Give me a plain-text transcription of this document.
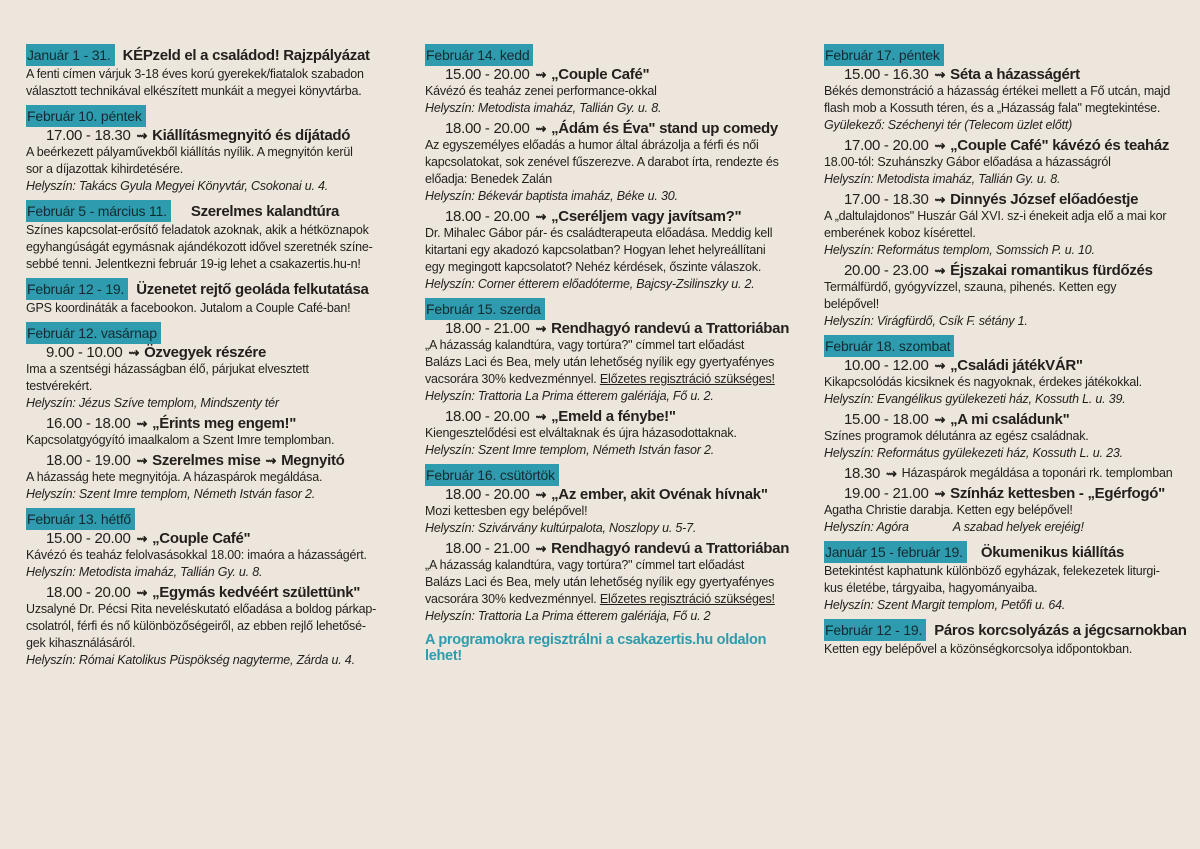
Január 1 - 31. KÉPzeld el a családod! Rajzpályázat
A fenti címen várjuk 3-18 éves korú gyerekek/fiatalok szabadon
választott technikával elkészített munkáit a megyei könyvtárba.
Február 10. péntek
17.00 - 18.30 ⇝ Kiállításmegnyitó és díjátadó
A beérkezett pályaművekből kiállítás nyílik. A megnyitón kerül
sor a díjazottak kihirdetésére.
Helyszín: Takács Gyula Megyei Könyvtár, Csokonai u. 4.
Február 5 - március 11. Szerelmes kalandtúra
Színes kapcsolat-erősítő feladatok azoknak, akik a hétköznapok
egyhangúságát egymásnak ajándékozott idővel szeretnék színe-
sebbé tenni. Jelentkezni február 19-ig lehet a csakazertis.hu-n!
Február 12 - 19. Üzenetet rejtő geoláda felkutatása
GPS koordináták a facebookon. Jutalom a Couple Café-ban!
Február 12. vasárnap
9.00 - 10.00 ⇝ Özvegyek részére
Ima a szentségi házasságban élő, párjukat elvesztett testvérekért.
Helyszín: Jézus Szíve templom, Mindszenty tér
16.00 - 18.00 ⇝ „Érints meg engem!"
Kapcsolatgyógyító imaalkalom a Szent Imre templomban.
18.00 - 19.00 ⇝ Szerelmes mise ⇝ Megnyitó
A házasság hete megnyitója. A házaspárok megáldása.
Helyszín: Szent Imre templom, Németh István fasor 2.
Február 13. hétfő
15.00 - 20.00 ⇝ „Couple Café"
Kávézó és teaház felolvasásokkal 18.00: imaóra a házasságért.
Helyszín: Metodista imaház, Tallián Gy. u. 8.
18.00 - 20.00 ⇝ „Egymás kedvéért születtünk"
Uzsalyné Dr. Pécsi Rita neveléskutató előadása a boldog párkap-
csolatról, férfi és nő különbözőségeiről, az ebben rejlő lehetősé-
gek kihasználásáról.
Helyszín: Római Katolikus Püspökség nagyterme, Zárda u. 4.
Február 14. kedd
15.00 - 20.00 ⇝ „Couple Café"
Kávézó és teaház zenei performance-okkal
Helyszín: Metodista imaház, Tallián Gy. u. 8.
18.00 - 20.00 ⇝ „Ádám és Éva" stand up comedy
Az egyszemélyes előadás a humor által ábrázolja a férfi és női
kapcsolatokat, sok zenével fűszerezve. A darabot írta, rendezte és
előadja: Benedek Zalán
Helyszín: Békevár baptista imaház, Béke u. 30.
18.00 - 20.00 ⇝ „Cseréljem vagy javítsam?"
Dr. Mihalec Gábor pár- és családterapeuta előadása. Meddig kell
kitartani egy akadozó kapcsolatban? Hogyan lehet helyreállítani
egy megingott kapcsolatot? Nehéz kérdések, őszinte válaszok.
Helyszín: Corner étterem előadóterme, Bajcsy-Zsilinszky u. 2.
Február 15. szerda
18.00 - 21.00 ⇝ Rendhagyó randevú a Trattoriában
„A házasság kalandtúra, vagy tortúra?" címmel tart előadást
Balázs Laci és Bea, mely után lehetőség nyílik egy gyertyafényes
vacsorára 30% kedvezménnyel. Előzetes regisztráció szükséges!
Helyszín: Trattoria La Prima étterem galériája, Fő u. 2.
18.00 - 20.00 ⇝ „Emeld a fénybe!"
Kiengesztelődési est elváltaknak és újra házasodottaknak.
Helyszín: Szent Imre templom, Németh István fasor 2.
Február 16. csütörtök
18.00 - 20.00 ⇝ „Az ember, akit Ovénak hívnak"
Mozi kettesben egy belépővel!
Helyszín: Szivárvány kultúrpalota, Noszlopy u. 5-7.
18.00 - 21.00 ⇝ Rendhagyó randevú a Trattoriában
„A házasság kalandtúra, vagy tortúra?" címmel tart előadást
Balázs Laci és Bea, mely után lehetőség nyílik egy gyertyafényes
vacsorára 30% kedvezménnyel. Előzetes regisztráció szükséges!
Helyszín: Trattoria La Prima étterem galériája, Fő u. 2
A programokra regisztrálni a csakazertis.hu oldalon lehet!
Február 17. péntek
15.00 - 16.30 ⇝ Séta a házasságért
Békés demonstráció a házasság értékei mellett a Fő utcán, majd
flash mob a Kossuth téren, és a „Házasság fala" megtekintése.
Gyülekező: Széchenyi tér (Telecom üzlet előtt)
17.00 - 20.00 ⇝ „Couple Café" kávézó és teaház
18.00-tól: Szuhánszky Gábor előadása a házasságról
Helyszín: Metodista imaház, Tallián Gy. u. 8.
17.00 - 18.30 ⇝ Dinnyés József előadóestje
A „daltulajdonos" Huszár Gál XVI. sz-i énekeit adja elő a mai kor
emberének koboz kísérettel.
Helyszín: Református templom, Somssich P. u. 10.
20.00 - 23.00 ⇝ Éjszakai romantikus fürdőzés
Termálfürdő, gyógyvízzel, szauna, pihenés. Ketten egy belépővel!
Helyszín: Virágfürdő, Csík F. sétány 1.
Február 18. szombat
10.00 - 12.00 ⇝ „Családi játékVÁR"
Kikapcsolódás kicsiknek és nagyoknak, érdekes játékokkal.
Helyszín: Evangélikus gyülekezeti ház, Kossuth L. u. 39.
15.00 - 18.00 ⇝ „A mi családunk"
Színes programok délutánra az egész családnak.
Helyszín: Református gyülekezeti ház, Kossuth L. u. 23.
18.30 ⇝ Házaspárok megáldása a toponári rk. templomban
19.00 - 21.00 ⇝ Színház kettesben - „Egérfogó"
Agatha Christie darabja. Ketten egy belépővel!
Helyszín: Agóra	A szabad helyek erejéig!
Január 15 - február 19. Ökumenikus kiállítás
Betekintést kaphatunk különböző egyházak, felekezetek liturgi-
kus életébe, tárgyaiba, hagyományaiba.
Helyszín: Szent Margit templom, Petőfi u. 64.
Február 12 - 19. Páros korcsolyázás a jégcsarnokban
Ketten egy belépővel a közönségkorcsolya időpontokban.
